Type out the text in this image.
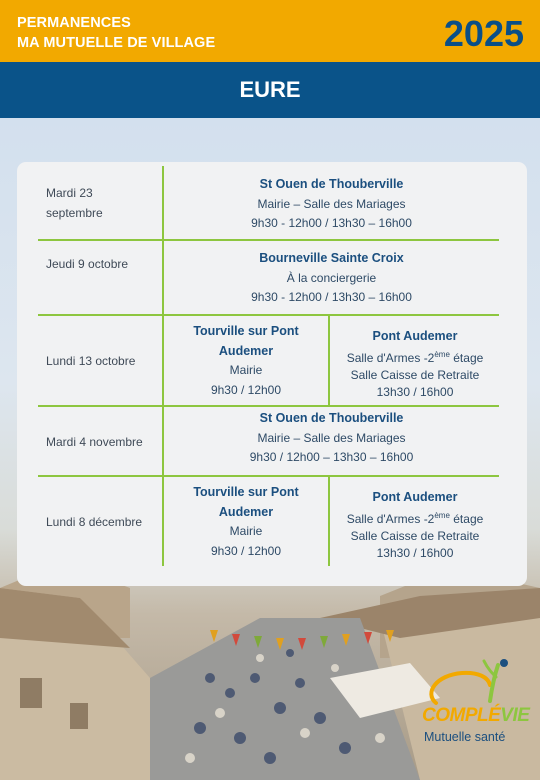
PERMANENCES
MA MUTUELLE DE VILLAGE	2025
EURE
Mardi 23
septembre
St Ouen de Thouberville
Mairie – Salle des Mariages
9h30 - 12h00 / 13h30 – 16h00
Jeudi 9 octobre	Bourneville Sainte Croix
À la conciergerie
9h30 - 12h00 / 13h30 – 16h00
Lundi 13 octobre
Tourville sur Pont
Audemer
Mairie
9h30 / 12h00
Pont Audemer
Salle d'Armes -2ème étage
Salle Caisse de Retraite
13h30 / 16h00
Mardi 4 novembre
St Ouen de Thouberville
Mairie – Salle des Mariages
9h30 / 12h00 – 13h30 – 16h00
Lundi 8 décembre
Tourville sur Pont
Audemer
Mairie
9h30 / 12h00
Pont Audemer
Salle d'Armes -2ème étage
Salle Caisse de Retraite
13h30 / 16h00
COMPLÉVIE
Mutuelle santé
